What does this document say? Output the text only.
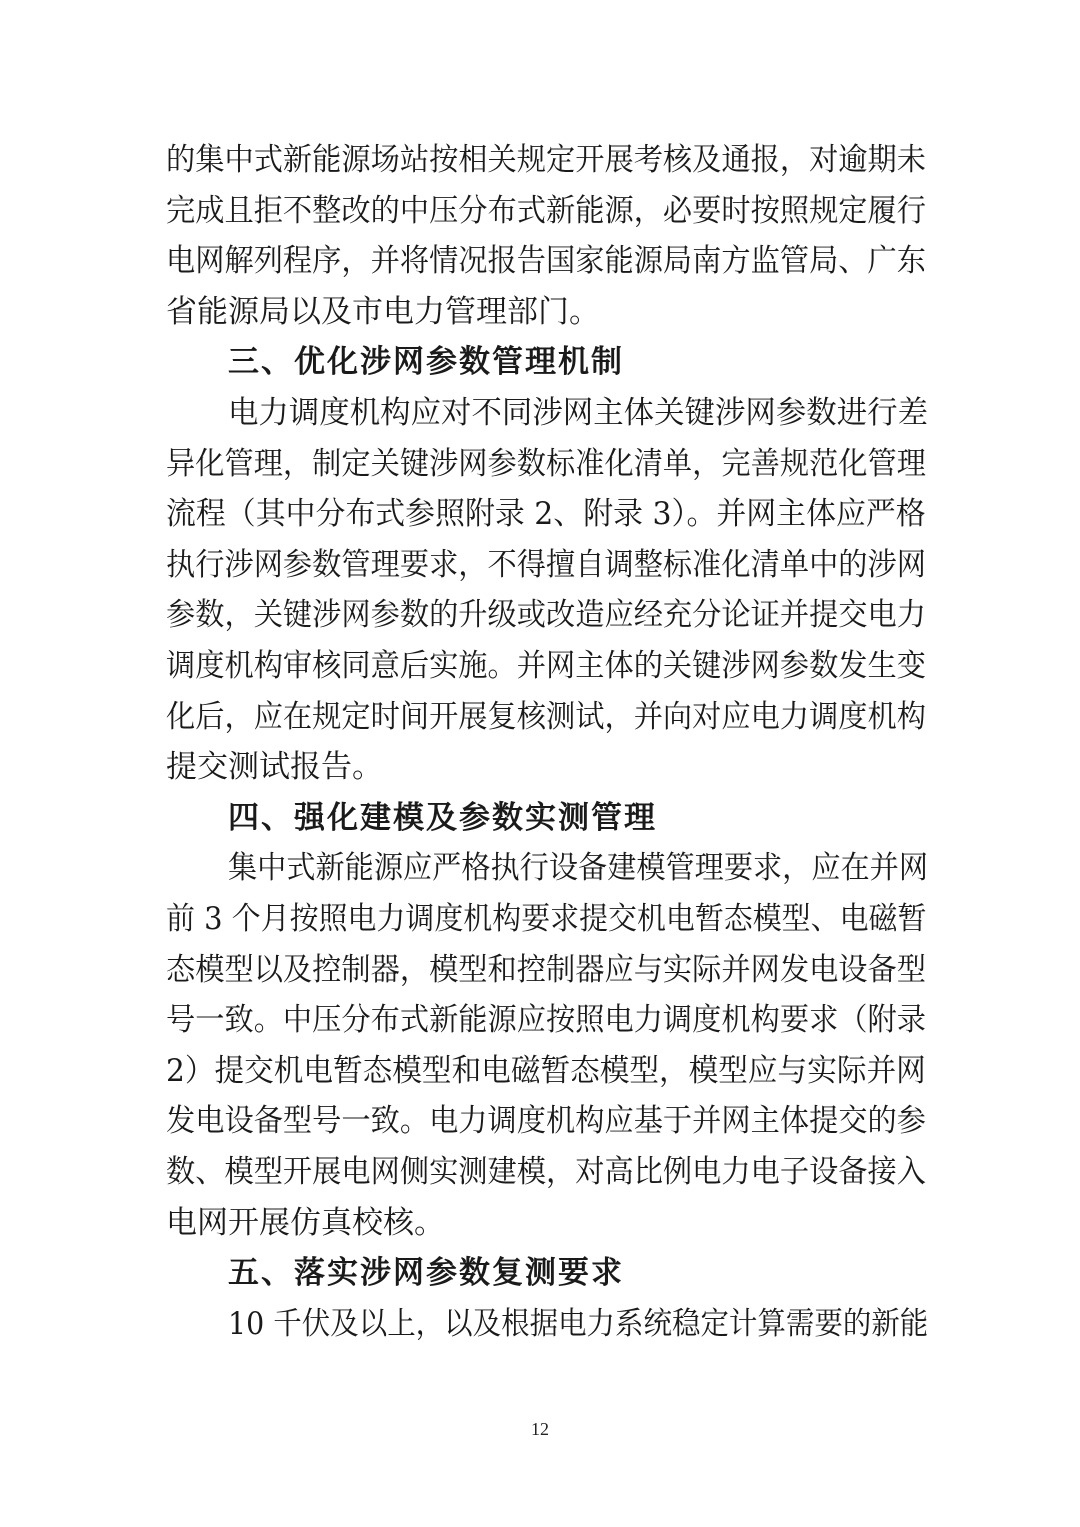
的集中式新能源场站按相关规定开展考核及通报，对逾期未
完成且拒不整改的中压分布式新能源，必要时按照规定履行
电网解列程序，并将情况报告国家能源局南方监管局、广东
省能源局以及市电力管理部门。
三、优化涉网参数管理机制
电力调度机构应对不同涉网主体关键涉网参数进行差
异化管理，制定关键涉网参数标准化清单，完善规范化管理
流程（其中分布式参照附录 2、附录 3）。并网主体应严格
执行涉网参数管理要求，不得擅自调整标准化清单中的涉网
参数，关键涉网参数的升级或改造应经充分论证并提交电力
调度机构审核同意后实施。并网主体的关键涉网参数发生变
化后，应在规定时间开展复核测试，并向对应电力调度机构
提交测试报告。
四、强化建模及参数实测管理
集中式新能源应严格执行设备建模管理要求，应在并网
前 3 个月按照电力调度机构要求提交机电暂态模型、电磁暂
态模型以及控制器，模型和控制器应与实际并网发电设备型
号一致。中压分布式新能源应按照电力调度机构要求（附录
2）提交机电暂态模型和电磁暂态模型，模型应与实际并网
发电设备型号一致。电力调度机构应基于并网主体提交的参
数、模型开展电网侧实测建模，对高比例电力电子设备接入
电网开展仿真校核。
五、落实涉网参数复测要求
10 千伏及以上，以及根据电力系统稳定计算需要的新能
12
